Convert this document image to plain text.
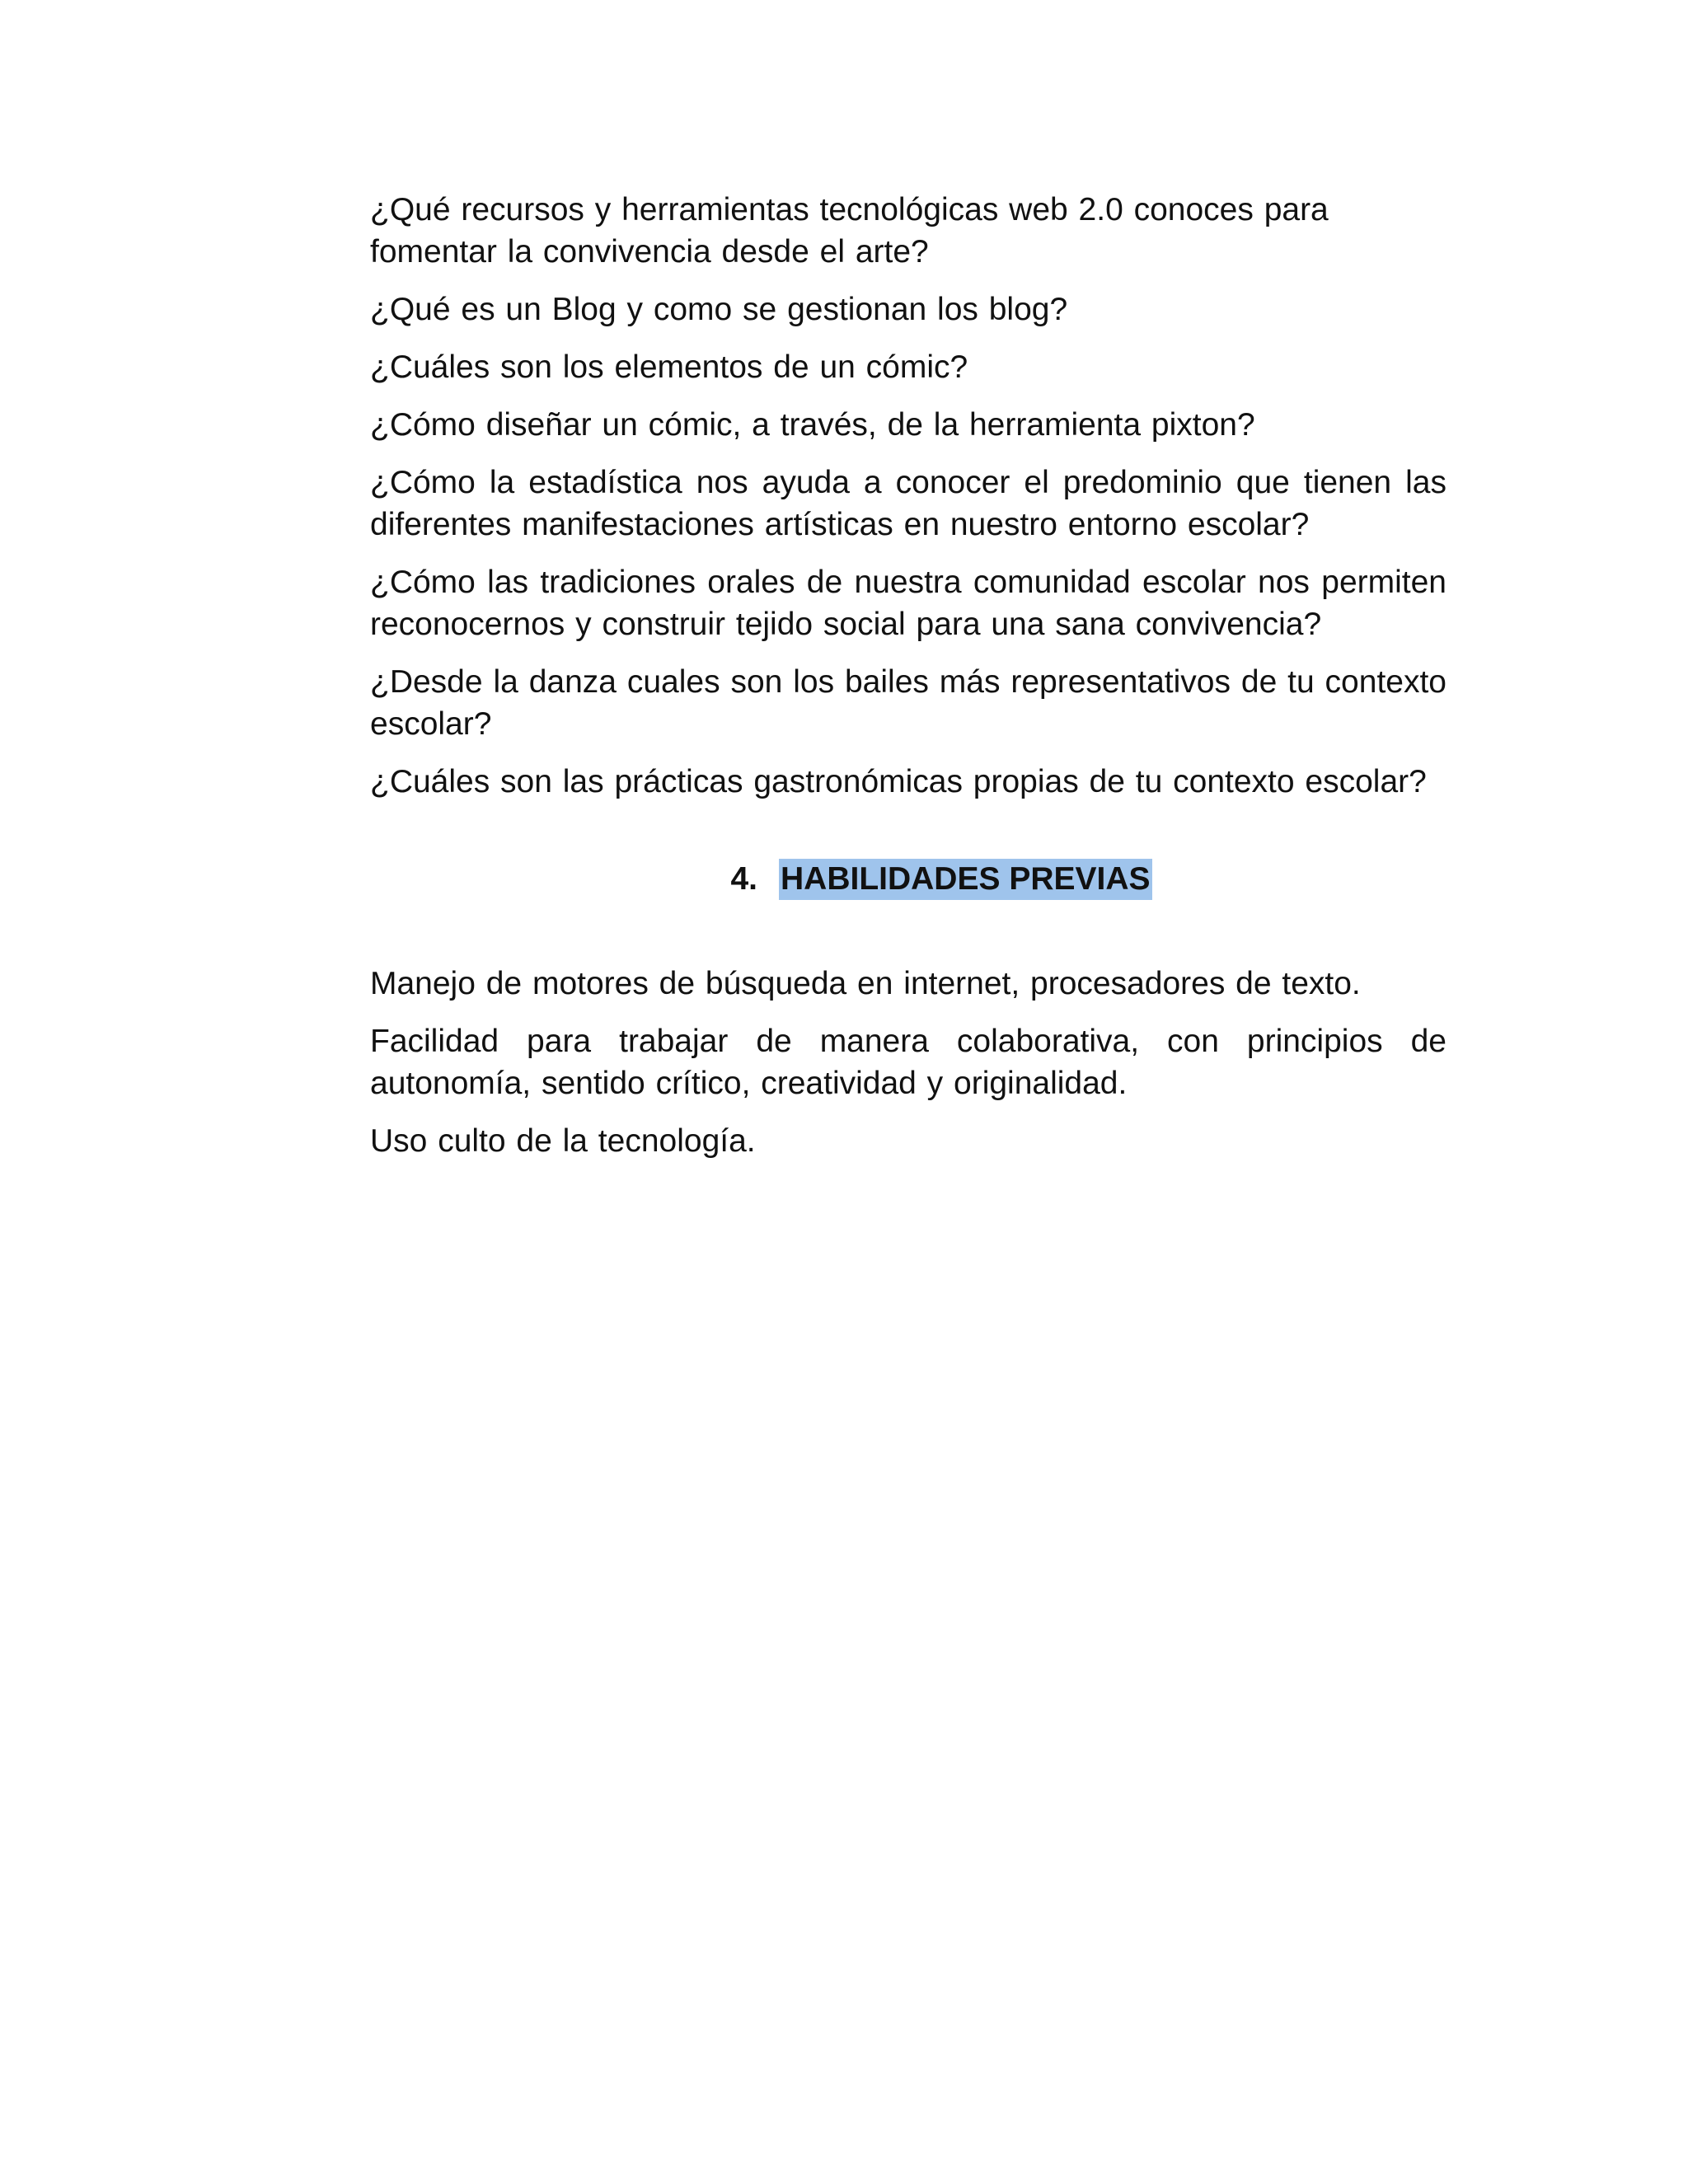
¿Qué recursos y herramientas tecnológicas web 2.0 conoces para fomentar la convivencia desde el arte?

¿Qué es un Blog y como se gestionan los blog?

¿Cuáles son los elementos de un cómic?

¿Cómo diseñar un cómic, a través, de la herramienta pixton?

¿Cómo la estadística nos ayuda a conocer el predominio que tienen las diferentes manifestaciones artísticas en nuestro entorno escolar?

¿Cómo las tradiciones orales de nuestra comunidad escolar nos permiten reconocernos y construir tejido social para una sana convivencia?

¿Desde la danza cuales son los bailes más representativos de tu contexto escolar?

¿Cuáles son las prácticas gastronómicas propias de tu contexto escolar?

4. HABILIDADES PREVIAS

Manejo de motores de búsqueda en internet, procesadores de texto.

Facilidad para trabajar de manera colaborativa, con principios de autonomía, sentido crítico, creatividad y originalidad.

Uso culto de la tecnología.
